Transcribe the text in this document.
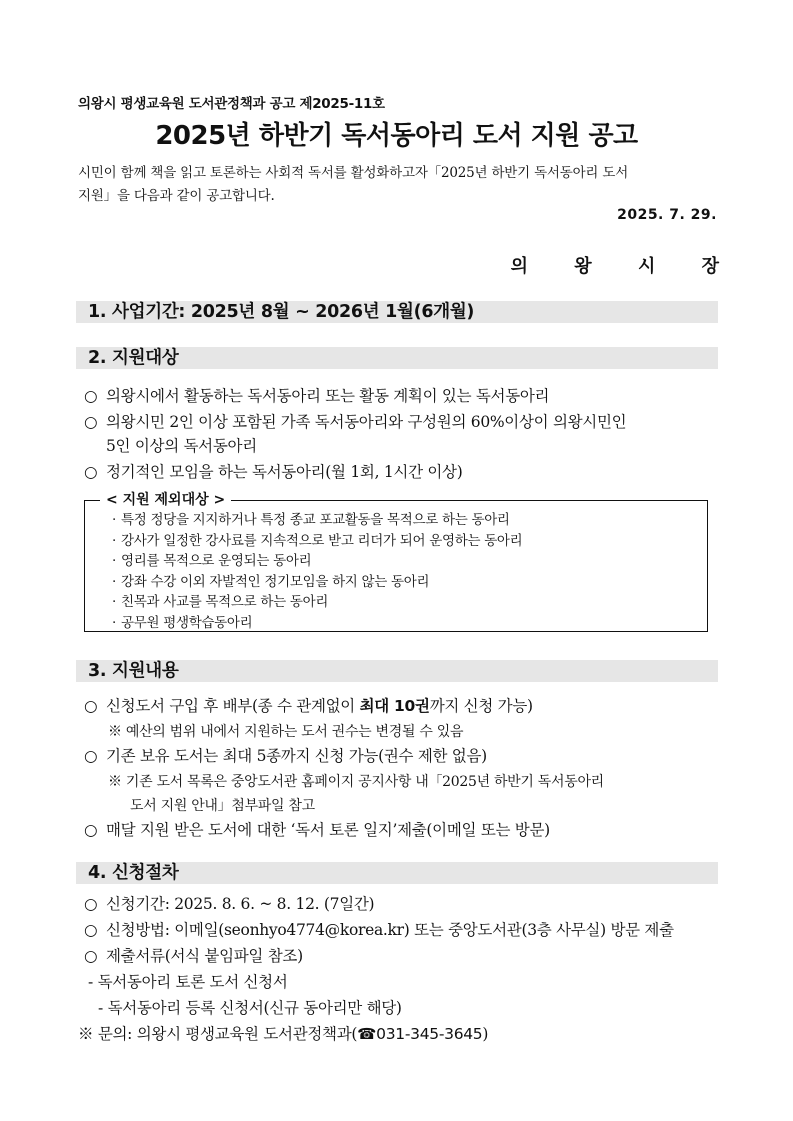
의왕시 평생교육원 도서관정책과 공고 제2025-11호
2025년 하반기 독서동아리 도서 지원 공고
시민이 함께 책을 읽고 토론하는 사회적 독서를 활성화하고자「2025년 하반기 독서동아리 도서
지원」을 다음과 같이 공고합니다.
2025. 7. 29.
의 왕 시 장
1. 사업기간: 2025년 8월 ~ 2026년 1월(6개월)
2. 지원대상
○ 의왕시에서 활동하는 독서동아리 또는 활동 계획이 있는 독서동아리
○ 의왕시민 2인 이상 포함된 가족 독서동아리와 구성원의 60%이상이 의왕시민인
5인 이상의 독서동아리
○ 정기적인 모임을 하는 독서동아리(월 1회, 1시간 이상)
< 지원 제외대상 >
· 특정 정당을 지지하거나 특정 종교 포교활동을 목적으로 하는 동아리
· 강사가 일정한 강사료를 지속적으로 받고 리더가 되어 운영하는 동아리
· 영리를 목적으로 운영되는 동아리
· 강좌 수강 이외 자발적인 정기모임을 하지 않는 동아리
· 친목과 사교를 목적으로 하는 동아리
· 공무원 평생학습동아리
3. 지원내용
○ 신청도서 구입 후 배부(종 수 관계없이 최대 10권까지 신청 가능)
※ 예산의 범위 내에서 지원하는 도서 권수는 변경될 수 있음
○ 기존 보유 도서는 최대 5종까지 신청 가능(권수 제한 없음)
※ 기존 도서 목록은 중앙도서관 홈페이지 공지사항 내「2025년 하반기 독서동아리
도서 지원 안내」첨부파일 참고
○ 매달 지원 받은 도서에 대한 ‘독서 토론 일지’제출(이메일 또는 방문)
4. 신청절차
○ 신청기간: 2025. 8. 6. ~ 8. 12. (7일간)
○ 신청방법: 이메일(seonhyo4774@korea.kr) 또는 중앙도서관(3층 사무실) 방문 제출
○ 제출서류(서식 붙임파일 참조)
- 독서동아리 토론 도서 신청서
- 독서동아리 등록 신청서(신규 동아리만 해당)
※ 문의: 의왕시 평생교육원 도서관정책과(☎031-345-3645)
